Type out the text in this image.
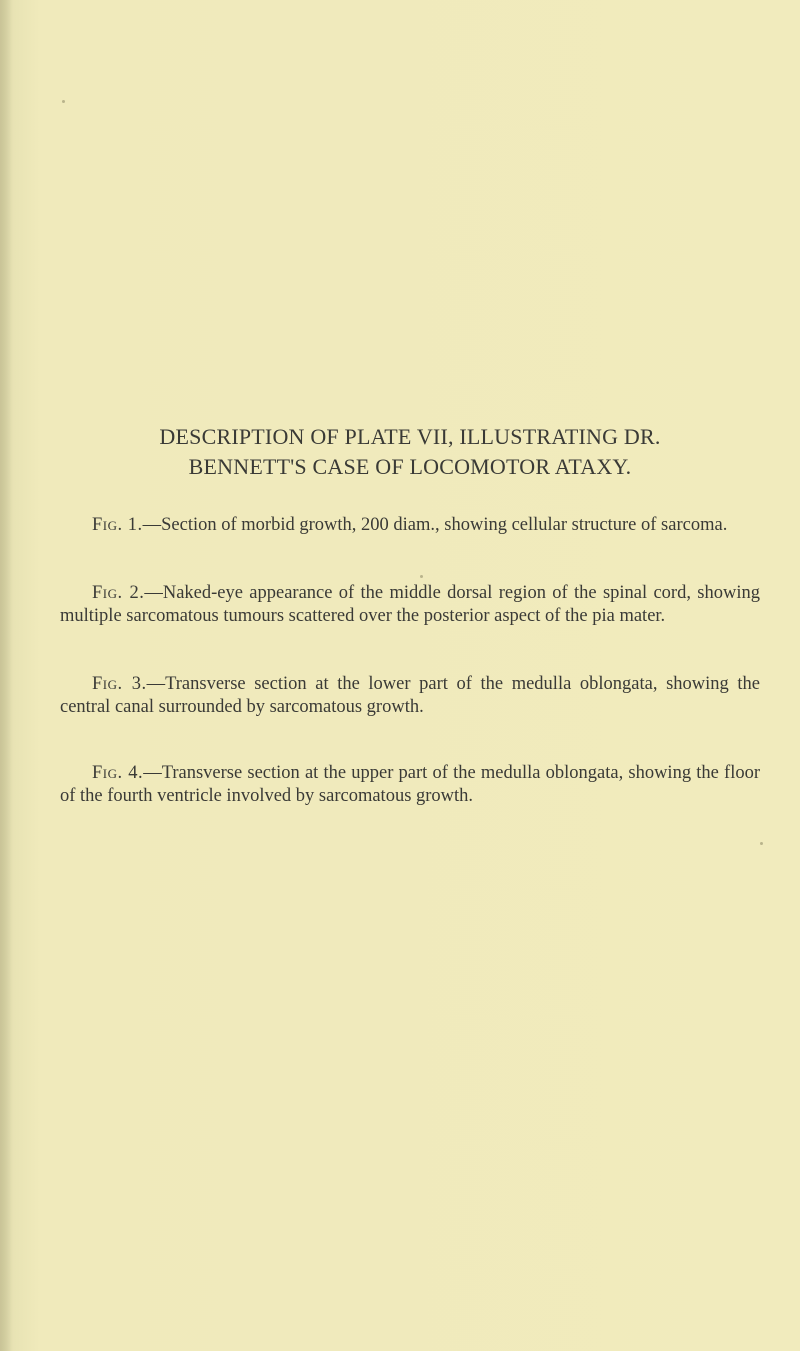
DESCRIPTION OF PLATE VII, ILLUSTRATING DR.
BENNETT'S CASE OF LOCOMOTOR ATAXY.

Fig. 1.—Section of morbid growth, 200 diam., showing cellular structure of sarcoma.

Fig. 2.—Naked-eye appearance of the middle dorsal region of the spinal cord, showing multiple sarcomatous tumours scattered over the posterior aspect of the pia mater.

Fig. 3.—Transverse section at the lower part of the medulla oblongata, showing the central canal surrounded by sarcomatous growth.

Fig. 4.—Transverse section at the upper part of the medulla oblongata, showing the floor of the fourth ventricle involved by sarcomatous growth.
